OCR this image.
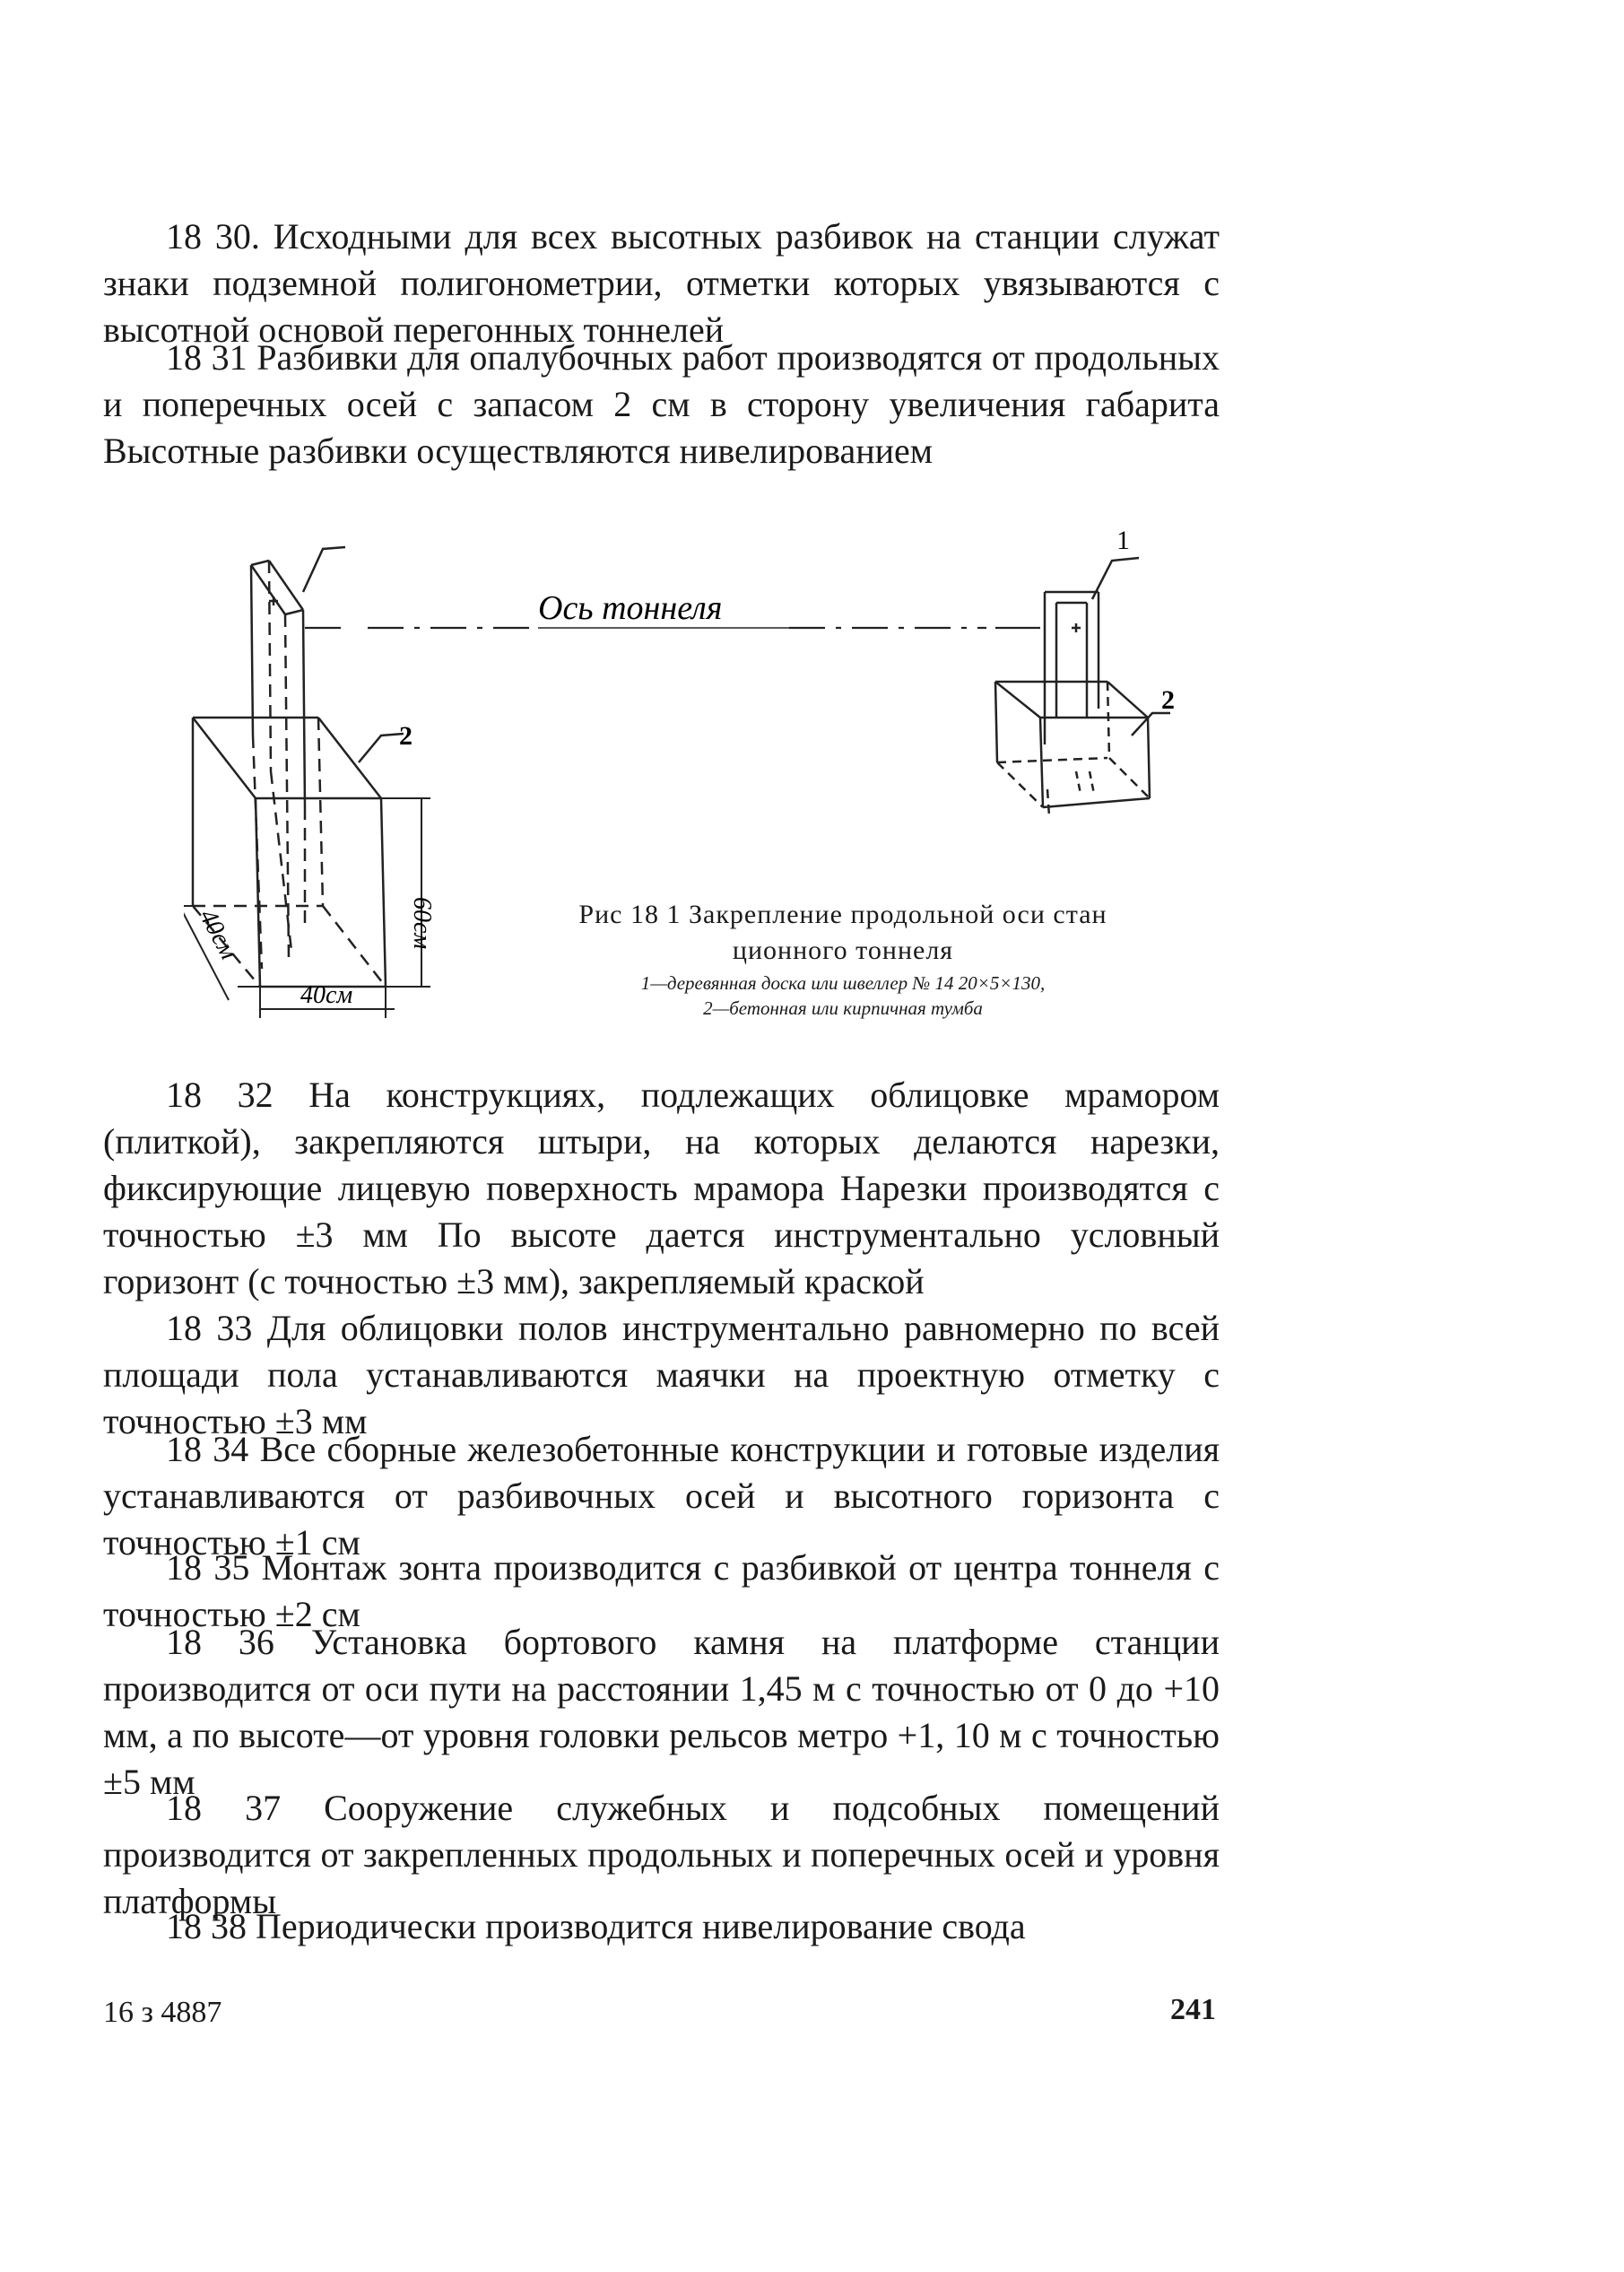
18 30. Исходными для всех высотных разбивок на станции служат знаки подземной полигонометрии, отметки которых увязываются с высотной основой перегонных тоннелей

18 31 Разбивки для опалубочных работ производятся от продольных и поперечных осей с запасом 2 см в сторону увеличения габарита Высотные разбивки осуществляются нивелированием

Ось тоннеля
1
2
2
60см
40см
40см
Рис 18 1 Закрепление продольной оси стан
ционного тоннеля
1—деревянная доска или швеллер № 14 20×5×130,
2—бетонная или кирпичная тумба

18 32 На конструкциях, подлежащих облицовке мрамором (плиткой), закрепляются штыри, на которых делаются нарезки, фиксирующие лицевую поверхность мрамора Нарезки производятся с точностью ±3 мм По высоте дается инструментально условный горизонт (с точностью ±3 мм), закрепляемый краской

18 33 Для облицовки полов инструментально равномерно по всей площади пола устанавливаются маячки на проектную отметку с точностью ±3 мм

18 34 Все сборные железобетонные конструкции и готовые изделия устанавливаются от разбивочных осей и высотного горизонта с точностью ±1 см

18 35 Монтаж зонта производится с разбивкой от центра тоннеля с точностью ±2 см

18 36 Установка бортового камня на платформе станции производится от оси пути на расстоянии 1,45 м с точностью от 0 до +10 мм, а по высоте—от уровня головки рельсов метро +1, 10 м с точностью ±5 мм

18 37 Сооружение служебных и подсобных помещений производится от закрепленных продольных и поперечных осей и уровня платформы

18 38 Периодически производится нивелирование свода

16 з 4887	241
